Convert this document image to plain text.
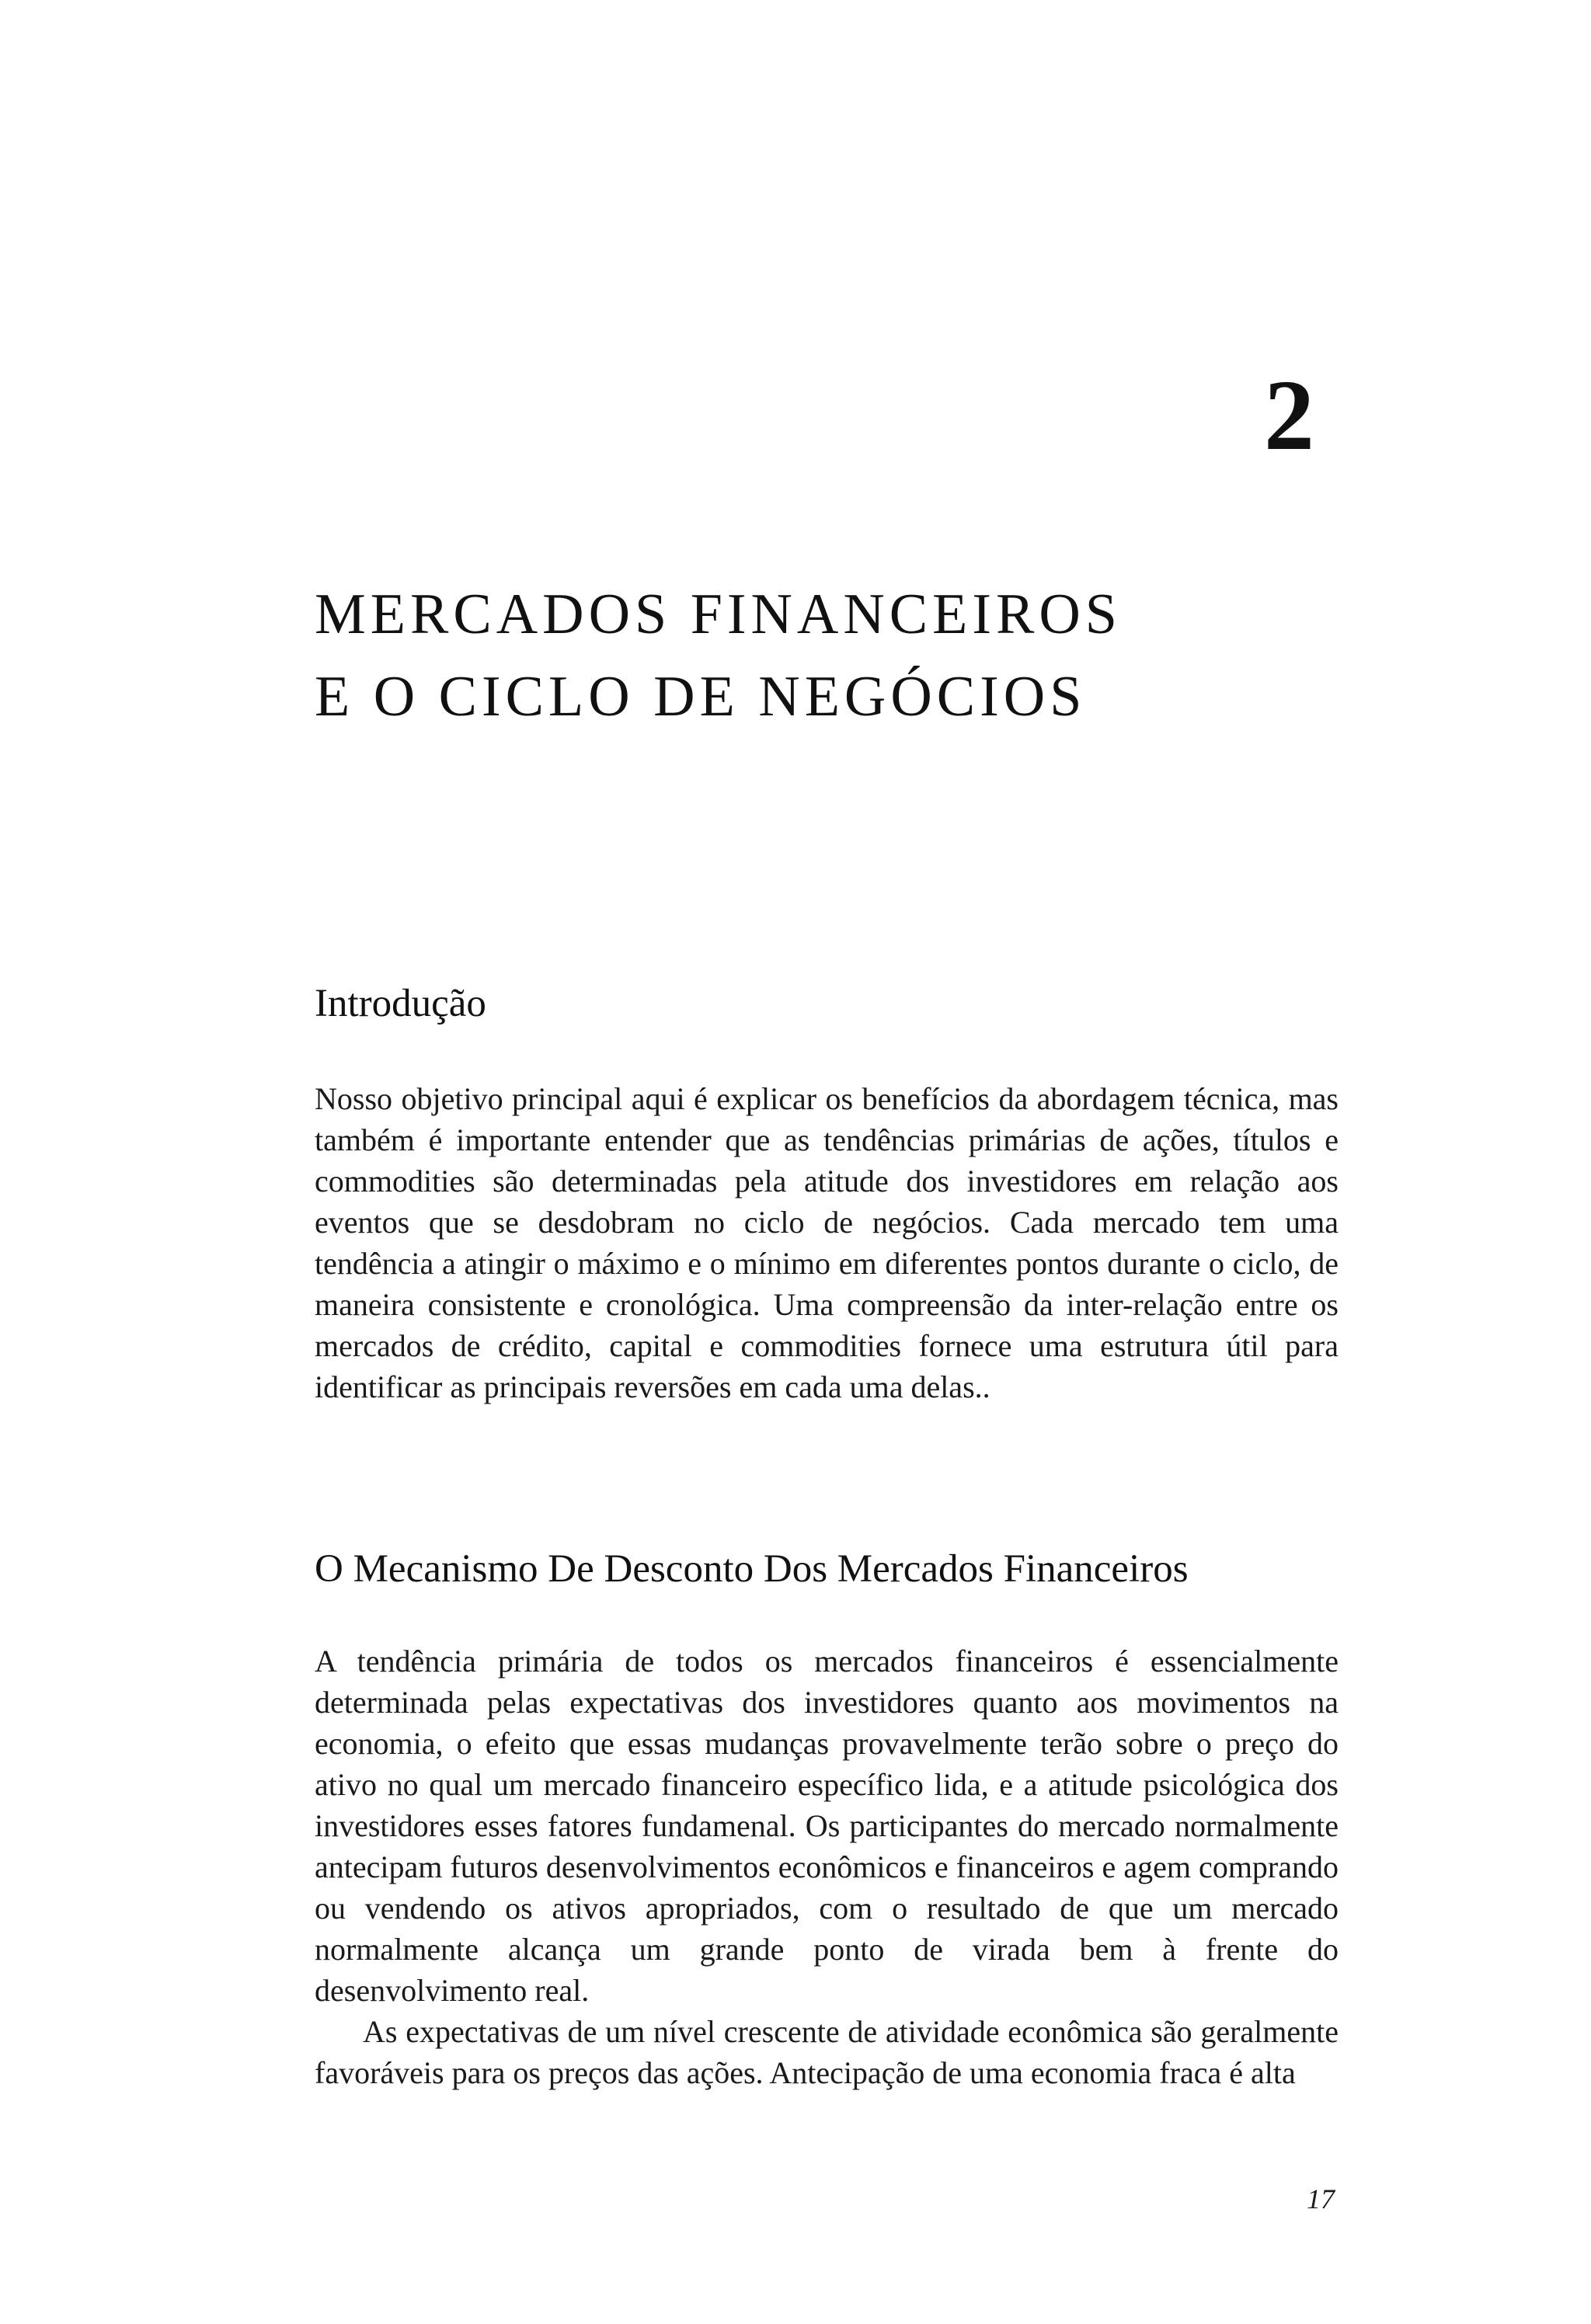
2
MERCADOS FINANCEIROS
E O CICLO DE NEGÓCIOS
Introdução

Nosso objetivo principal aqui é explicar os benefícios da abordagem técnica, mas também é importante entender que as tendências primárias de ações, títulos e commodities são determinadas pela atitude dos investidores em relação aos eventos que se desdobram no ciclo de negócios. Cada mercado tem uma tendência a atingir o máximo e o mínimo em diferentes pontos durante o ciclo, de maneira consistente e cronológica. Uma compreensão da inter-relação entre os mercados de crédito, capital e commodities fornece uma estrutura útil para identificar as principais reversões em cada uma delas..

O Mecanismo De Desconto Dos Mercados Financeiros

A tendência primária de todos os mercados financeiros é essencialmente determinada pelas expectativas dos investidores quanto aos movimentos na economia, o efeito que essas mudanças provavelmente terão sobre o preço do ativo no qual um mercado financeiro específico lida, e a atitude psicológica dos investidores esses fatores fundamenal. Os participantes do mercado normalmente antecipam futuros desenvolvimentos econômicos e financeiros e agem comprando ou vendendo os ativos apropriados, com o resultado de que um mercado normalmente alcança um grande ponto de virada bem à frente do desenvolvimento real.

As expectativas de um nível crescente de atividade econômica são geralmente favoráveis para os preços das ações. Antecipação de uma economia fraca é alta

17
